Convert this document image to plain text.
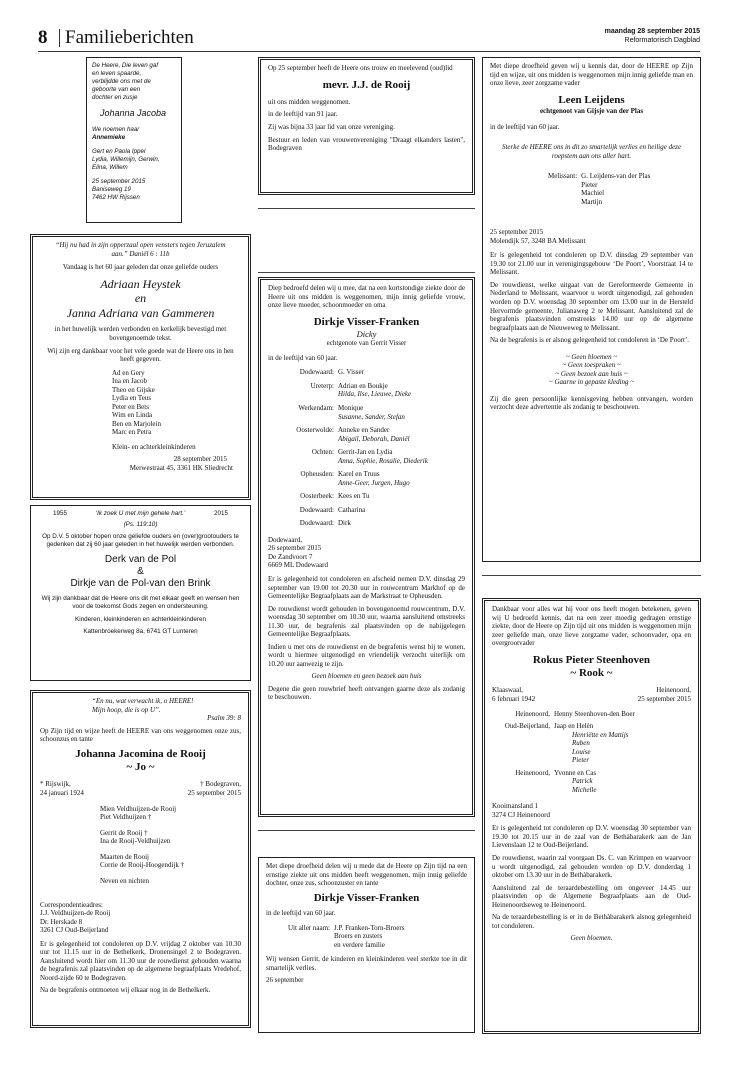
8 Familieberichten	maandag 28 september 2015
Reformatorisch Dagblad
De Heere, Die leven gaf
en leven spaarde,
verblijdde ons met de
geboorte van een
dochter en zusje
Johanna Jacoba
We noemen haar
Annemieke
Gert en Paola Ippel
Lydia, Willemijn, Gerwin,
Elina, Willem
25 september 2015
Baniseweg 19
7462 HW Rijssen
“Hij nu had in zijn opperzaal open vensters tegen Jeruzalem aan.” Daniël 6 : 11b
Vandaag is het 60 jaar geleden dat onze geliefde ouders
Adriaan Heystek
en
Janna Adriana van Gammeren
in het huwelijk werden verbonden en kerkelijk bevestigd met bovengenoemde tekst.
Wij zijn erg dankbaar voor het vele goede wat de Heere ons in hen heeft gegeven.
Ad en Gery
Ina en Jacob
Theo en Gijske
Lydia en Teus
Peter en Bets
Wim en Linda
Ben en Marjolein
Marc en Petra
Klein- en achterkleinkinderen
28 september 2015
Merwestraat 45, 3361 HK Sliedrecht
1955	‘Ik zoek U met mijn gehele hart.’	2015
(Ps. 119:10)
Op D.V. 5 oktober hopen onze geliefde ouders en (over)grootouders te gedenken dat zij 60 jaar geleden in het huwelijk werden verbonden.
Derk van de Pol
&
Dirkje van de Pol-van den Brink
Wij zijn dankbaar dat de Heere ons dit met elkaar geeft en wensen hen voor de toekomst Gods zegen en ondersteuning.
Kinderen, kleinkinderen en achterkleinkinderen
Kattenbroekerweg 8a, 6741 GT Lunteren
“En nu, wat verwacht ik, o HEERE!
Mijn hoop, die is op U”.
Psalm 39: 8
Op Zijn tijd en wijze heeft de HEERE van ons weggenomen onze zus, schoonzus en tante
Johanna Jacomina de Rooij
~ Jo ~
* Rijswijk,
24 januari 1924
† Bodegraven,
25 september 2015
Mien Veldhuijzen-de Rooij
Piet Veldhuijzen †
Gerrit de Rooij †
Ina de Rooij-Veldhuijzen
Maarten de Rooij
Corrie de Rooij-Hoogendijk †
Neven en nichten
Correspondentieadres:
J.J. Veldhuijzen-de Rooij
Dr. Herskade 8
3261 CJ Oud-Beijerland
Er is gelegenheid tot condoleren op D.V. vrijdag 2 oktober van 10.30 uur tot 11.15 uur in de Bethelkerk, Dronensingel 2 te Bodegraven. Aansluitend wordt hier om 11.30 uur de rouwdienst gehouden waarna de begrafenis zal plaatsvinden op de algemene begraafplaats Vredehof, Noord-zijde 60 te Bodegraven.
Na de begrafenis ontmoeten wij elkaar nog in de Bethelkerk.
Op 25 september heeft de Heere ons trouw en meelevend (oud)lid
mevr. J.J. de Rooij
uit ons midden weggenomen.
in de leeftijd van 91 jaar.
Zij was bijna 33 jaar lid van onze vereniging.
Bestuur en leden van vrouwenvereniging "Draagt elkanders lasten", Bodegraven
Diep bedroefd delen wij u mee, dat na een kortstondige ziekte door de Heere uit ons midden is weggenomen, mijn innig geliefde vrouw, onze lieve moeder, schoonmoeder en oma
Dirkje Visser-Franken
Dicky
echtgenote van Gerrit Visser
in de leeftijd van 60 jaar.
Dodewaard: G. Visser
Ureterp: Adrian en Boukje
Hilda, Ilse, Lieuwe, Dieke
Werkendam: Monique
Susanne, Sander, Stefan
Oosterwolde: Anneke en Sander
Abigail, Deborah, Daniël
Ochten: Gerrit-Jan en Lydia
Anna, Sophie, Rosalie, Diederik
Opheusden: Karel en Truus
Anne-Geer, Jurgen, Hugo
Oosterbeek: Kees en Tu
Dodewaard: Catharina
Dodewaard: Dirk
Dodewaard,
26 september 2015
De Zandvoort 7
6669 ML Dodewaard
Er is gelegenheid tot condoleren en afscheid nemen D.V. dinsdag 29 september van 19.00 tot 20.30 uur in rouwcentrum Markhof op de Gemeentelijke Begraafplaats aan de Markstraat te Opheusden.
De rouwdienst wordt gehouden in bovengenoemd rouwcentrum, D.V. woensdag 30 september om 10.30 uur, waarna aansluitend omstreeks 11.30 uur, de begrafenis zal plaatsvinden op de nabijgelegen Gemeentelijke Begraafplaats.
Indien u met ons de rouwdienst en de begrafenis wenst bij te wonen, wordt u hiermee uitgenodigd en vriendelijk verzocht uiterlijk om 10.20 uur aanwezig te zijn.
Geen bloemen en geen bezoek aan huis
Degene die geen rouwbrief heeft ontvangen gaarne deze als zodanig te beschouwen.
Met diepe droefheid delen wij u mede dat de Heere op Zijn tijd na een ernstige ziekte uit ons midden heeft weggenomen, mijn innig geliefde dochter, onze zus, schoonzuster en tante
Dirkje Visser-Franken
in de leeftijd van 60 jaar.
Uit aller naam: J.P. Franken-Torn-Broers
Broers en zusters
en verdere familie
Wij wensen Gerrit, de kinderen en kleinkinderen veel sterkte toe in dit smartelijk verlies.
26 september
Met diepe droefheid geven wij u kennis dat, door de HEERE op Zijn tijd en wijze, uit ons midden is weggenomen mijn innig geliefde man en onze lieve, zeer zorgzame vader
Leen Leijdens
echtgenoot van Gijsje van der Plas
in de leeftijd van 60 jaar.
Sterke de HEERE ons in dit zo smartelijk verlies en heilige deze roepstem aan ons aller hart.
Melissant: G. Leijdens-van der Plas
Pieter
Machiel
Martijn
25 september 2015
Molendijk 57, 3248 BA Melissant
Er is gelegenheid tot condoleren op D.V. dinsdag 29 september van 19.30 tot 21.00 uur in verenigingsgebouw ‘De Poort’, Voorstraat 14 te Melissant.
De rouwdienst, welke uitgaat van de Gereformeerde Gemeente in Nederland te Melissant, waarvoor u wordt uitgenodigd, zal gehouden worden op D.V. woensdag 30 september om 13.00 uur in de Hersteld Hervormde gemeente, Julianaweg 2 te Melissant. Aansluitend zal de begrafenis plaatsvinden omstreeks 14.00 uur op de algemene begraafplaats aan de Nieuweweg te Melissant.
Na de begrafenis is er alsnog gelegenheid tot condoleren in ‘De Poort’.
~ Geen bloemen ~
~ Geen toespraken ~
~ Geen bezoek aan huis ~
~ Gaarne in gepaste kleding ~
Zij die geen persoonlijke kennisgeving hebben ontvangen, worden verzocht deze advertentie als zodanig te beschouwen.
Dankbaar voor alles wat hij voor ons heeft mogen betekenen, geven wij U bedroefd kennis, dat na een zeer moedig gedragen ernstige ziekte, door de Heere op Zijn tijd uit ons midden is weggenomen mijn zeer geliefde man, onze lieve zorgzame vader, schoonvader, opa en overgrootvader
Rokus Pieter Steenhoven
~ Rook ~
Klaaswaal,
6 februari 1942
Heinenoord,
25 september 2015
Heinenoord, Henny Steenhoven-den Boer
Oud-Beijerland, Jaap en Helèn
Henriëtte en Mattijs
Ruben
Louise
Pieter
Heinenoord, Yvonne en Cas
Patrick
Michelle
Kooimansland 1
3274 CJ Heinenoord
Er is gelegenheid tot condoleren op D.V. woensdag 30 september van 19.30 tot 20.15 uur in de zaal van de Bethàbarakerk aan de Jan Lievenslaan 12 te Oud-Beijerland.
De rouwdienst, waarin zal voorgaan Ds. C. van Krimpen en waarvoor u wordt uitgenodigd, zal gehouden worden op D.V. donderdag 1 oktober om 13.30 uur in de Bethàbarakerk.
Aansluitend zal de teraardebestelling om ongeveer 14.45 uur plaatsvinden op de Algemene Begraafplaats aan de Oud-Heinenoordseweg te Heinenoord.
Na de teraardebestelling is er in de Bethàbarakerk alsnog gelegenheid tot condoleren.
Geen bloemen.
